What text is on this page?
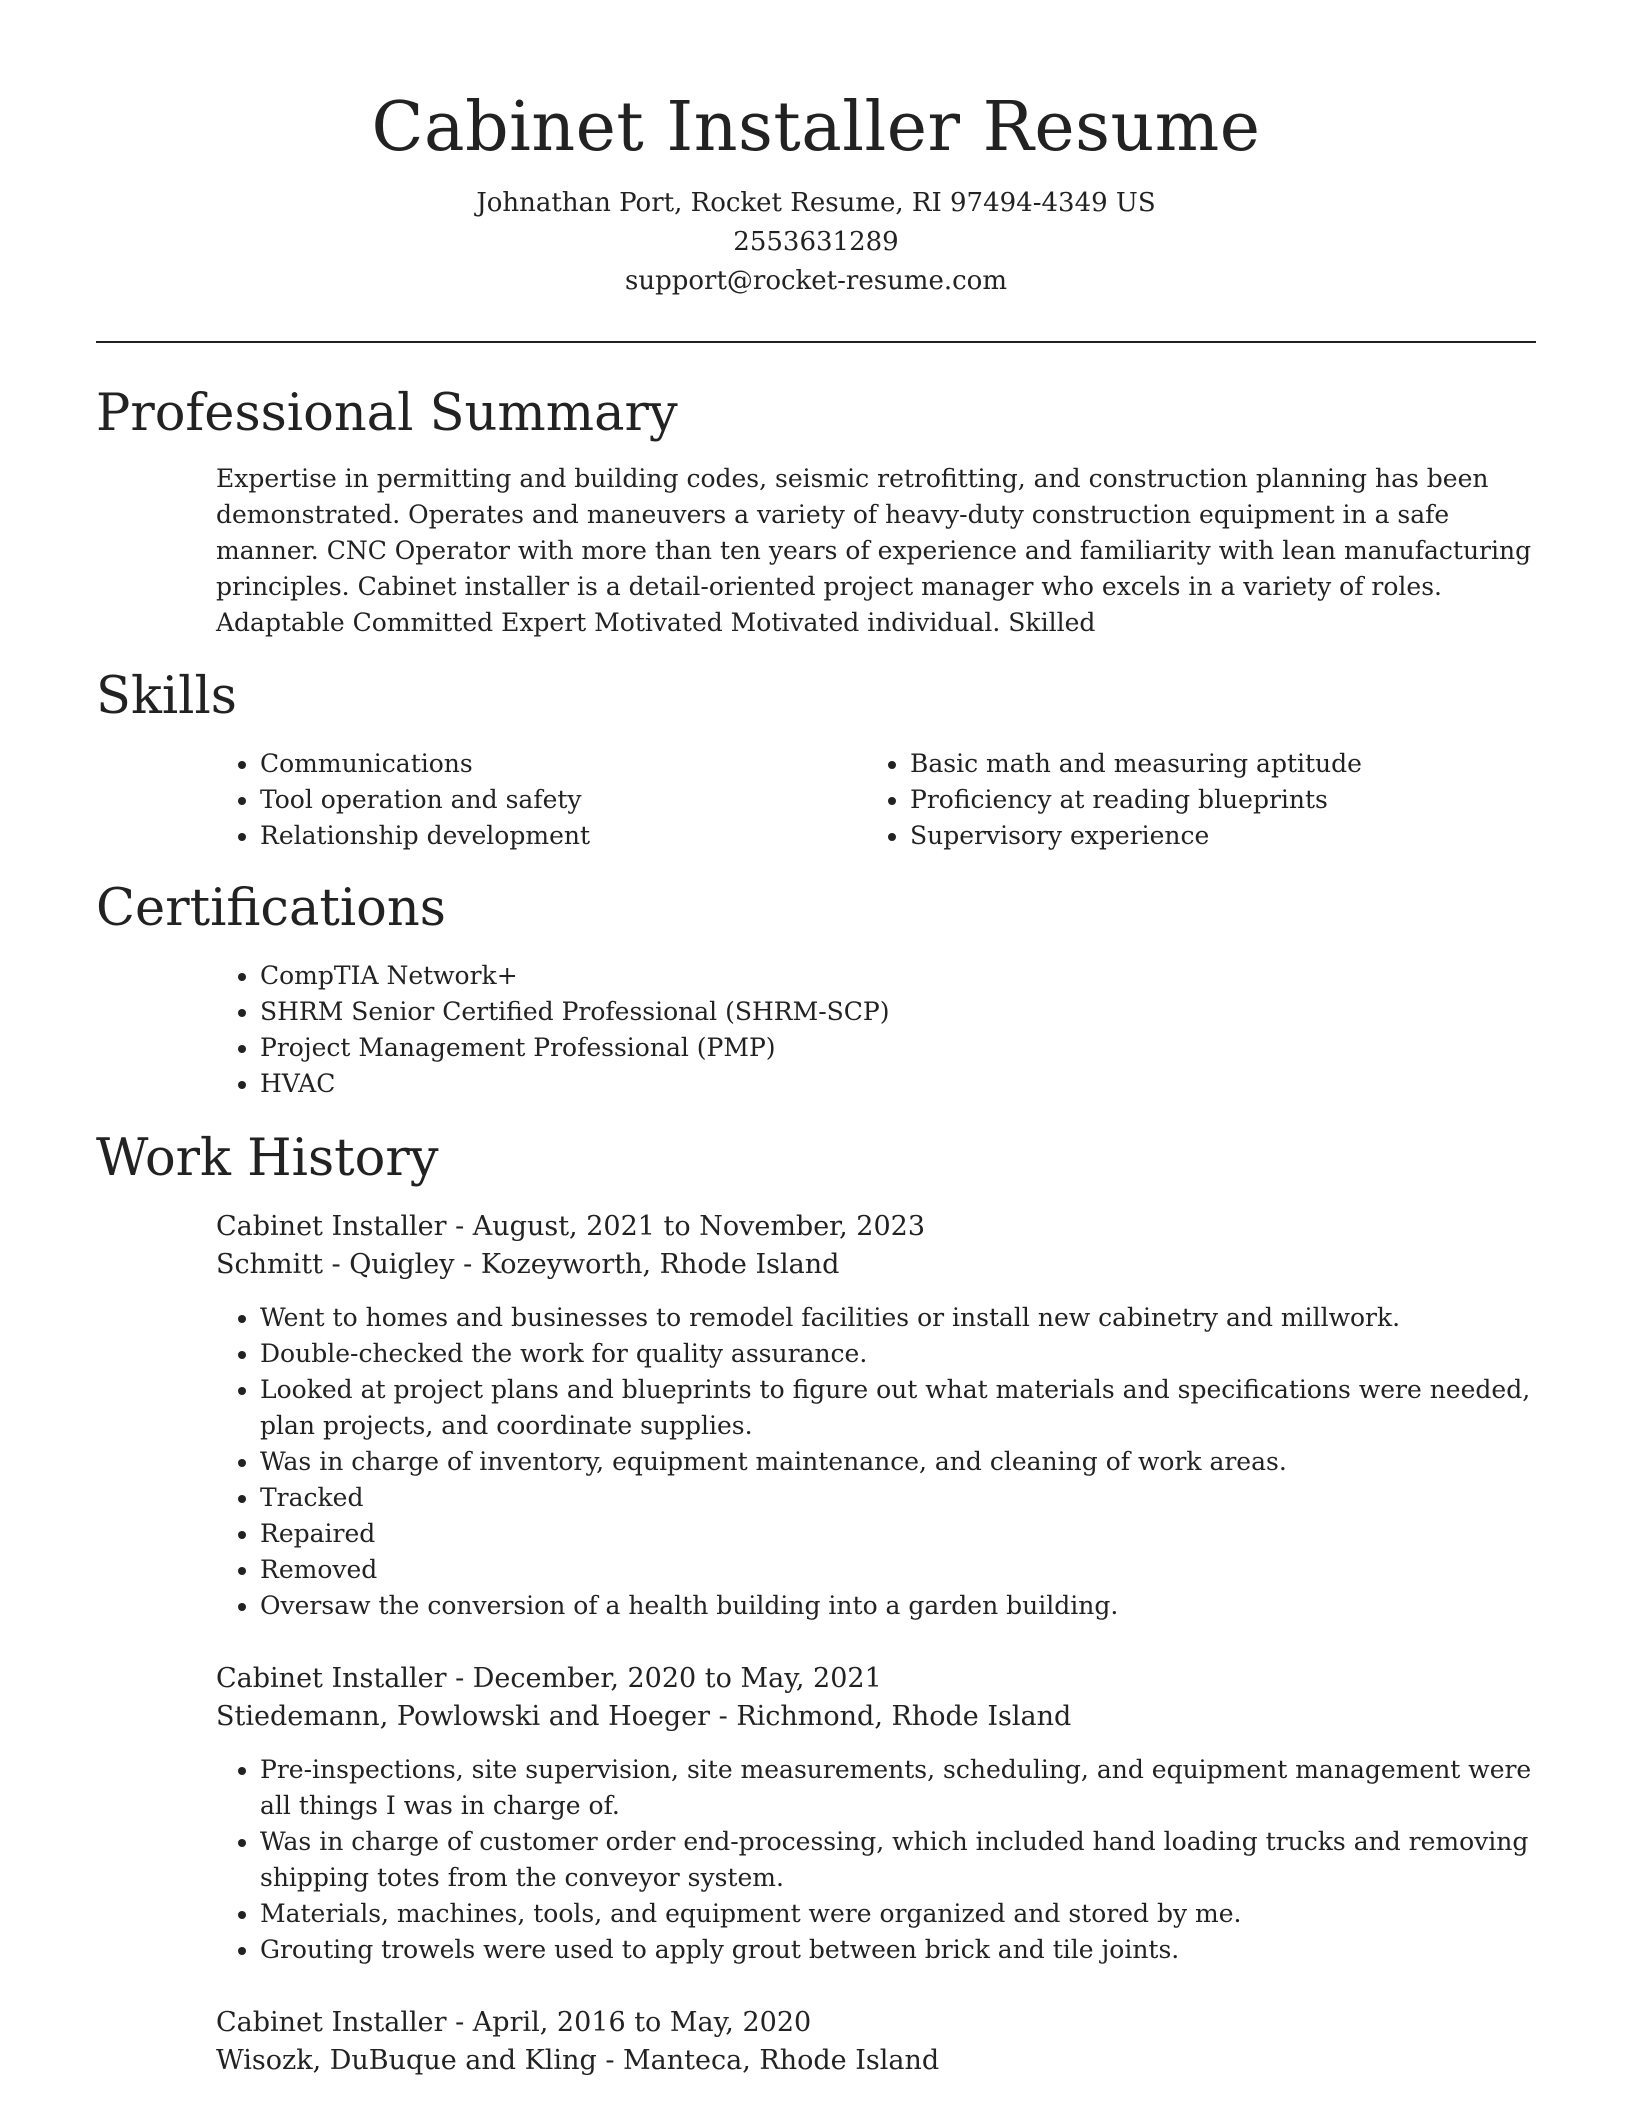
Cabinet Installer Resume

Johnathan Port, Rocket Resume, RI 97494-4349 US

2553631289

support@rocket-resume.com

Professional Summary

Expertise in permitting and building codes, seismic retrofitting, and construction planning has been demonstrated. Operates and maneuvers a variety of heavy-duty construction equipment in a safe manner. CNC Operator with more than ten years of experience and familiarity with lean manufacturing principles. Cabinet installer is a detail-oriented project manager who excels in a variety of roles. Adaptable Committed Expert Motivated Motivated individual. Skilled

Skills
• Communications
• Tool operation and safety
• Relationship development
• Basic math and measuring aptitude
• Proficiency at reading blueprints
• Supervisory experience
Certifications
• CompTIA Network+
• SHRM Senior Certified Professional (SHRM-SCP)
• Project Management Professional (PMP)
• HVAC
Work History

Cabinet Installer - August, 2021 to November, 2023

Schmitt - Quigley - Kozeyworth, Rhode Island

• Went to homes and businesses to remodel facilities or install new cabinetry and millwork.
• Double-checked the work for quality assurance.
• Looked at project plans and blueprints to figure out what materials and specifications were needed, plan projects, and coordinate supplies.
• Was in charge of inventory, equipment maintenance, and cleaning of work areas.
• Tracked
• Repaired
• Removed
• Oversaw the conversion of a health building into a garden building.

Cabinet Installer - December, 2020 to May, 2021

Stiedemann, Powlowski and Hoeger - Richmond, Rhode Island

• Pre-inspections, site supervision, site measurements, scheduling, and equipment management were all things I was in charge of.
• Was in charge of customer order end-processing, which included hand loading trucks and removing shipping totes from the conveyor system.
• Materials, machines, tools, and equipment were organized and stored by me.
• Grouting trowels were used to apply grout between brick and tile joints.

Cabinet Installer - April, 2016 to May, 2020

Wisozk, DuBuque and Kling - Manteca, Rhode Island
